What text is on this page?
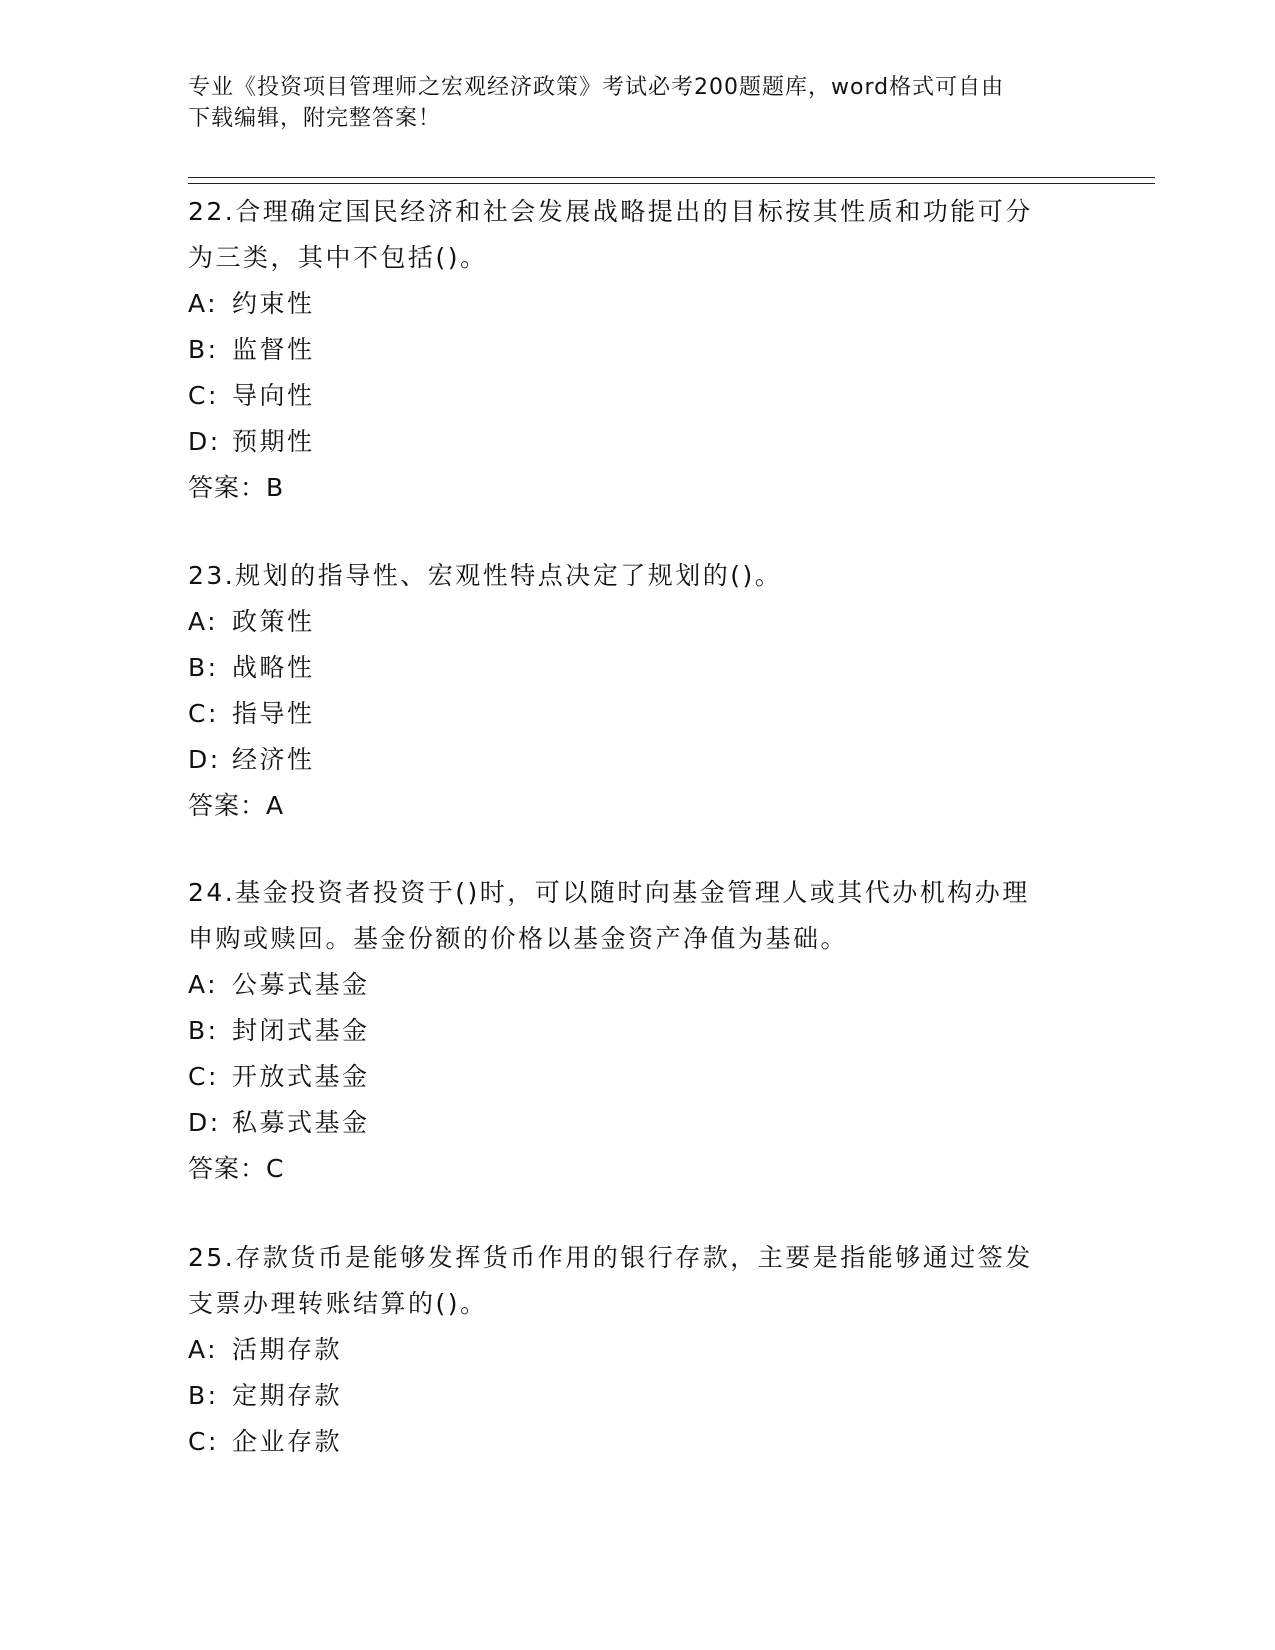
专业《投资项目管理师之宏观经济政策》考试必考200题题库，word格式可自由
下载编辑，附完整答案！
22.合理确定国民经济和社会发展战略提出的目标按其性质和功能可分
为三类，其中不包括()。
A: 约束性
B: 监督性
C: 导向性
D: 预期性
答案：B
23.规划的指导性、宏观性特点决定了规划的()。
A: 政策性
B: 战略性
C: 指导性
D: 经济性
答案：A
24.基金投资者投资于()时，可以随时向基金管理人或其代办机构办理
申购或赎回。基金份额的价格以基金资产净值为基础。
A: 公募式基金
B: 封闭式基金
C: 开放式基金
D: 私募式基金
答案：C
25.存款货币是能够发挥货币作用的银行存款，主要是指能够通过签发
支票办理转账结算的()。
A: 活期存款
B: 定期存款
C: 企业存款
